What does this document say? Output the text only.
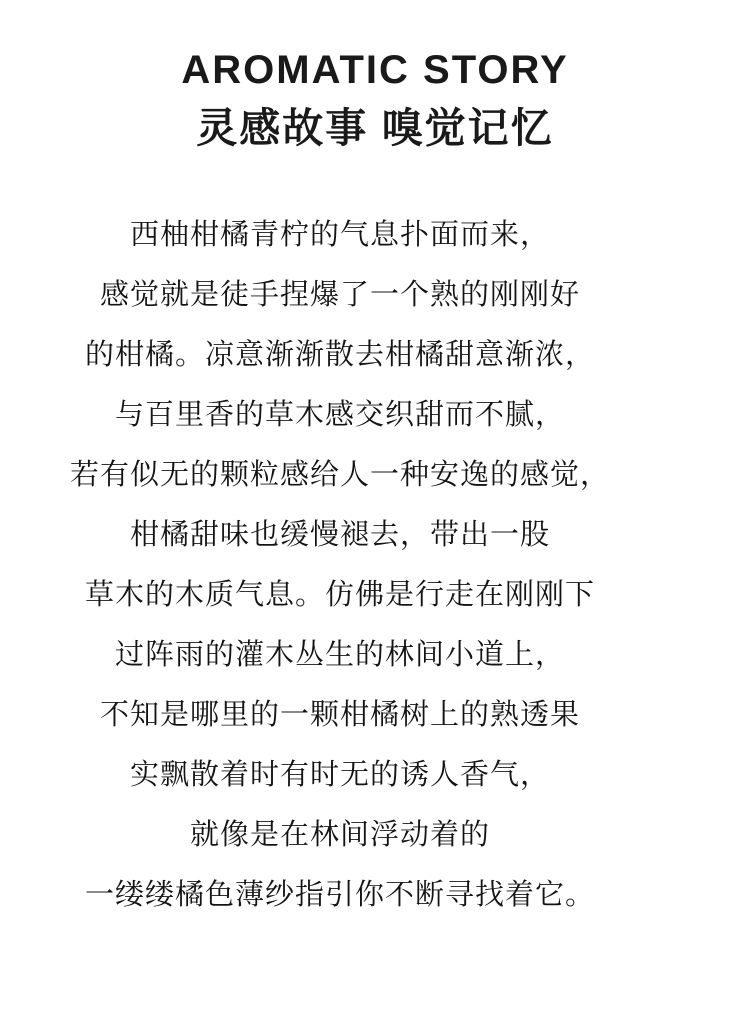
AROMATIC STORY
灵感故事 嗅觉记忆

西柚柑橘青柠的气息扑面而来，

感觉就是徒手捏爆了一个熟的刚刚好

的柑橘。凉意渐渐散去柑橘甜意渐浓，

与百里香的草木感交织甜而不腻，

若有似无的颗粒感给人一种安逸的感觉，

柑橘甜味也缓慢褪去，带出一股

草木的木质气息。仿佛是行走在刚刚下

过阵雨的灌木丛生的林间小道上，

不知是哪里的一颗柑橘树上的熟透果

实飘散着时有时无的诱人香气，

就像是在林间浮动着的

一缕缕橘色薄纱指引你不断寻找着它。
